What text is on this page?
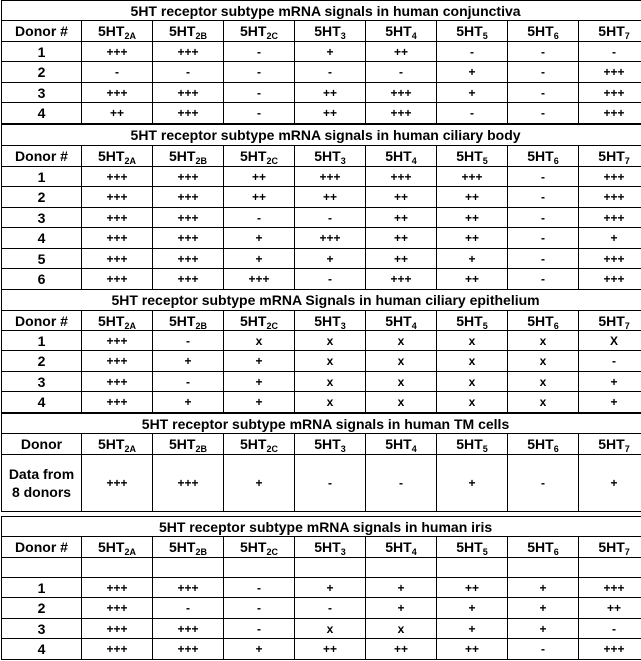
5HT receptor subtype mRNA signals in human conjunctiva								
Donor #	$5HT_{2A}$	$5HT_{2B}$	$5HT_{2C}$	$5HT_3$	$5HT_4$	$5HT_5$	$5HT_6$	$5HT_7$
1	+++	+++	-	+	++	-	-	-
2	-	-	-	-	-	+	-	+++
3	+++	+++	-	++	+++	+	-	+++
4	++	+++	-	++	+++	-	-	+++
5HT receptor subtype mRNA signals in human ciliary body								
Donor #	$5HT_{2A}$	$5HT_{2B}$	$5HT_{2C}$	$5HT_3$	$5HT_4$	$5HT_5$	$5HT_6$	$5HT_7$
1	+++	+++	++	+++	+++	+++	-	+++
2	+++	+++	++	++	++	++	-	+++
3	+++	+++	-	-	++	++	-	+++
4	+++	+++	+	+++	++	++	-	+
5	+++	+++	+	+	++	+	-	+++
6	+++	+++	+++	-	+++	++	-	+++
5HT receptor subtype mRNA Signals in human ciliary epithelium								
Donor #	$5HT_{2A}$	$5HT_{2B}$	$5HT_{2C}$	$5HT_3$	$5HT_4$	$5HT_5$	$5HT_6$	$5HT_7$
1	+++	-	x	x	x	x	x	X
2	+++	+	+	x	x	x	x	-
3	+++	-	+	x	x	x	x	+
4	+++	+	+	x	x	x	x	+
5HT receptor subtype mRNA signals in human TM cells								
Donor	$5HT_{2A}$	$5HT_{2B}$	$5HT_{2C}$	$5HT_3$	$5HT_4$	$5HT_5$	$5HT_6$	$5HT_7$
Data from 8 donors	+++	+++	+	-	-	+	-	+
5HT receptor subtype mRNA signals in human iris								
Donor #	$5HT_{2A}$	$5HT_{2B}$	$5HT_{2C}$	$5HT_3$	$5HT_4$	$5HT_5$	$5HT_6$	$5HT_7$

1	+++	+++	-	+	+	++	+	+++
2	+++	-	-	-	+	+	+	++
3	+++	+++	-	x	x	+	+	-
4	+++	+++	+	++	++	++	-	+++
